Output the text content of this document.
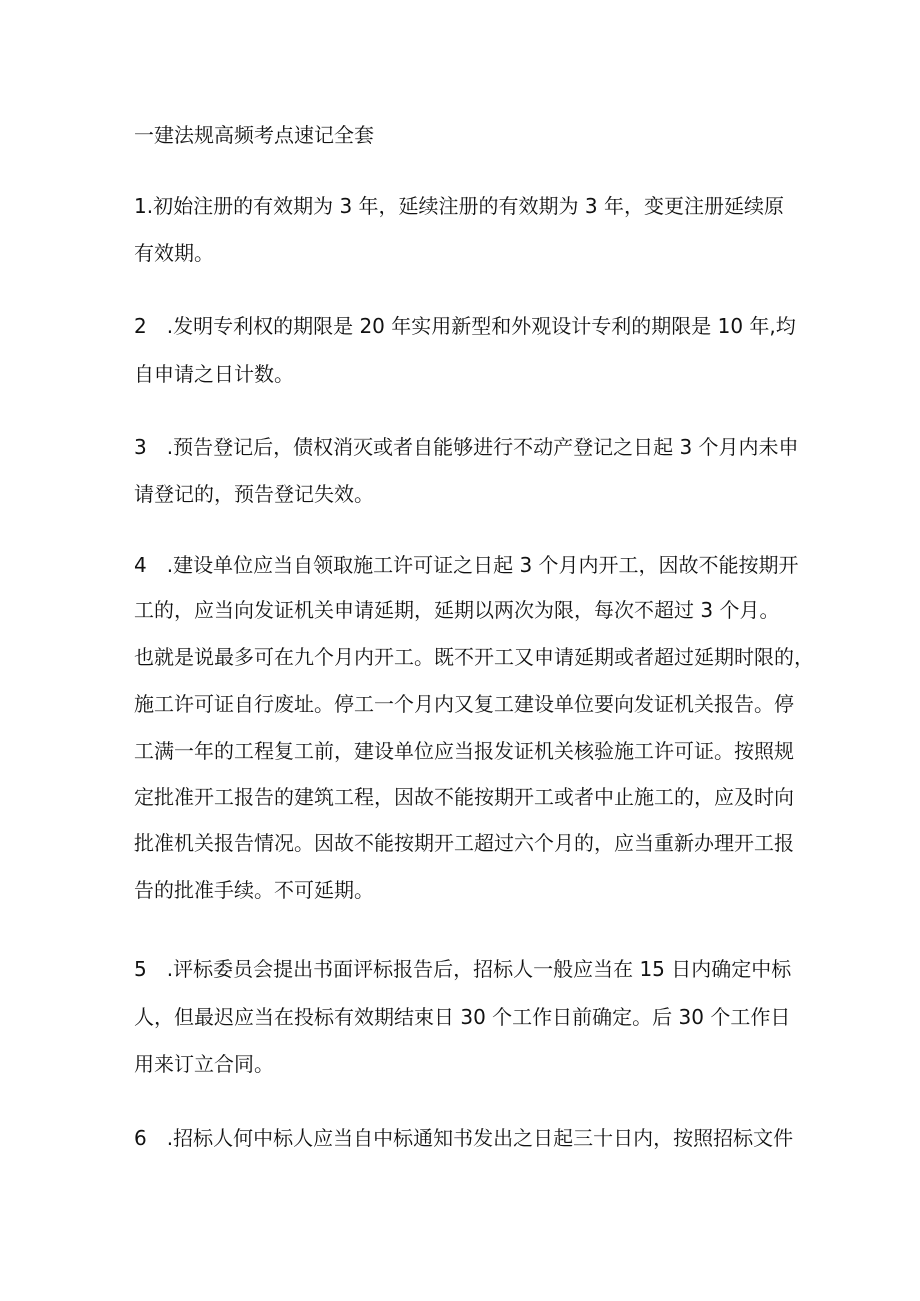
一建法规高频考点速记全套
1.初始注册的有效期为 3 年，延续注册的有效期为 3 年，变更注册延续原
有效期。
2　.发明专利权的期限是 20 年实用新型和外观设计专利的期限是 10 年,均
自申请之日计数。
3　.预告登记后，债权消灭或者自能够进行不动产登记之日起 3 个月内未申
请登记的，预告登记失效。
4　.建设单位应当自领取施工许可证之日起 3 个月内开工，因故不能按期开
工的，应当向发证机关申请延期，延期以两次为限，每次不超过 3 个月。
也就是说最多可在九个月内开工。既不开工又申请延期或者超过延期时限的，
施工许可证自行废址。停工一个月内又复工建设单位要向发证机关报告。停
工满一年的工程复工前，建设单位应当报发证机关核验施工许可证。按照规
定批准开工报告的建筑工程，因故不能按期开工或者中止施工的，应及时向
批准机关报告情况。因故不能按期开工超过六个月的，应当重新办理开工报
告的批准手续。不可延期。
5　.评标委员会提出书面评标报告后，招标人一般应当在 15 日内确定中标
人，但最迟应当在投标有效期结束日 30 个工作日前确定。后 30 个工作日
用来订立合同。
6　.招标人何中标人应当自中标通知书发出之日起三十日内，按照招标文件
